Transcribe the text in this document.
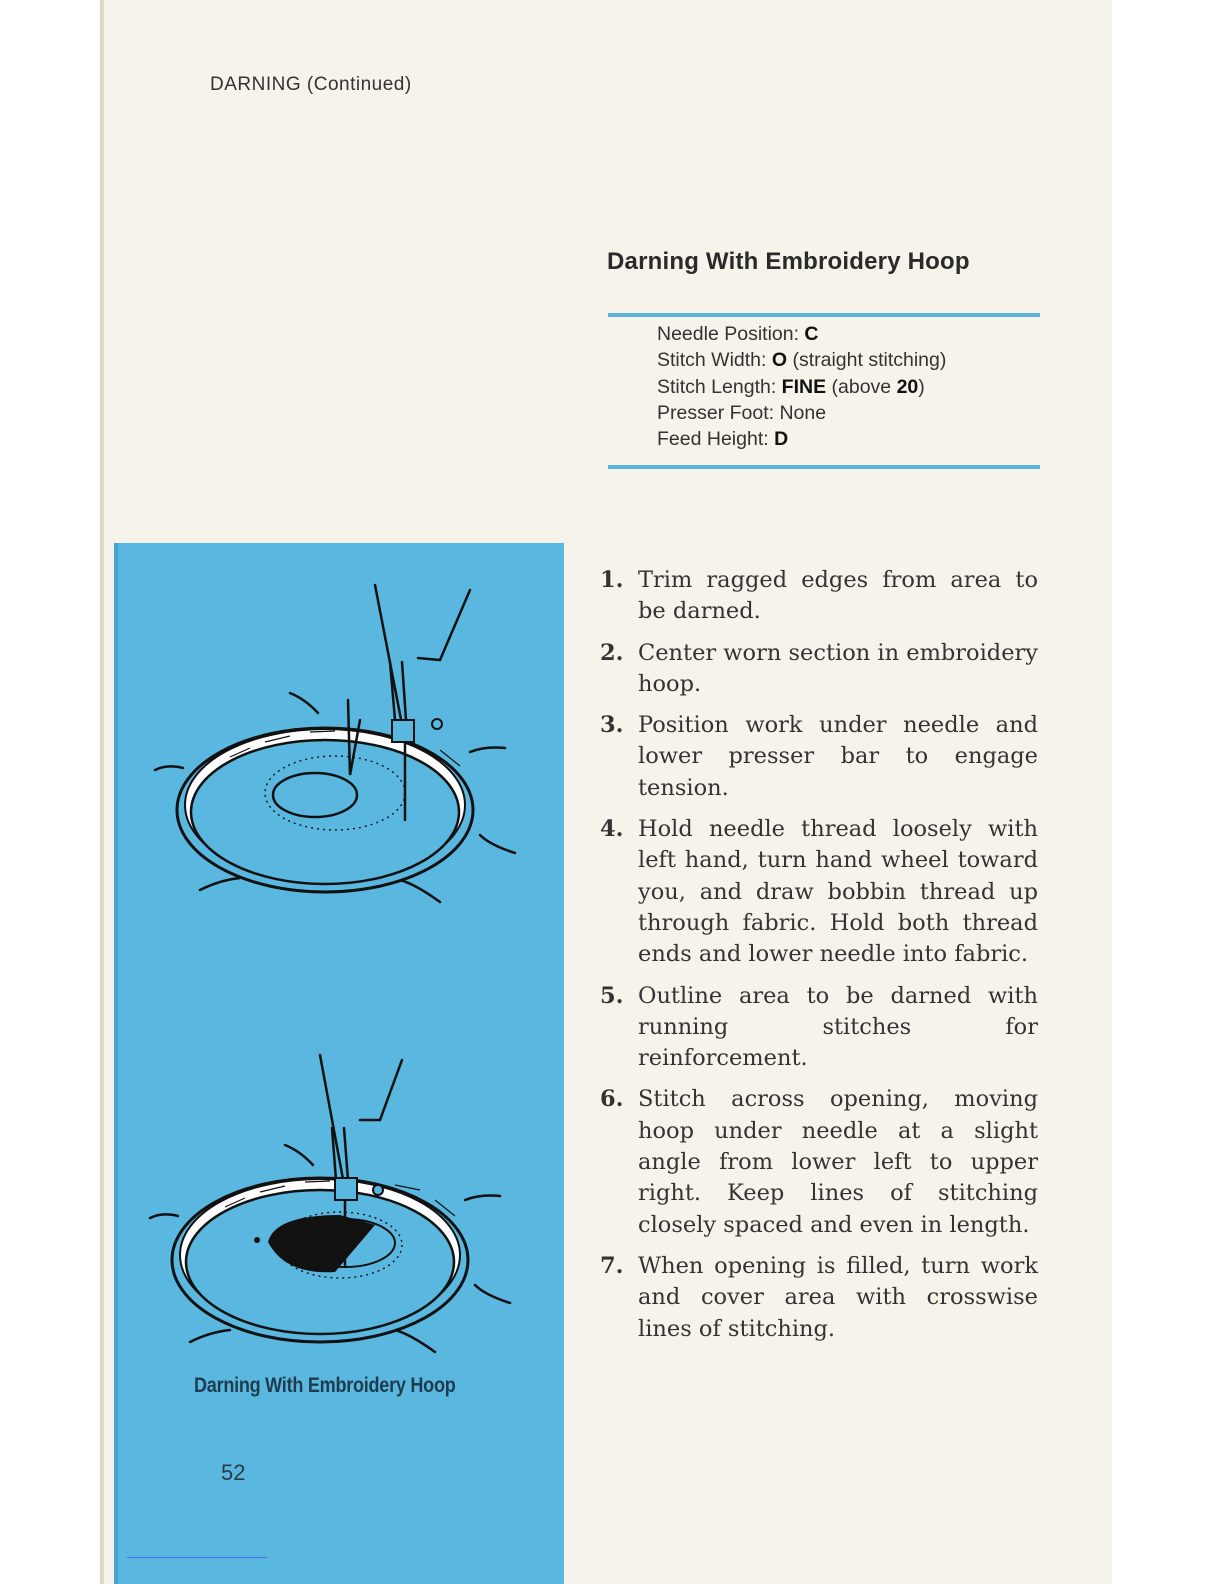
DARNING (Continued)
Darning With Embroidery Hoop
Needle Position: C
Stitch Width: O (straight stitching)
Stitch Length: FINE (above 20)
Presser Foot: None
Feed Height: D
1. Trim ragged edges from area to be darned.
2. Center worn section in embroidery hoop.
3. Position work under needle and lower presser bar to engage tension.
4. Hold needle thread loosely with left hand, turn hand wheel toward you, and draw bobbin thread up through fabric. Hold both thread ends and lower needle into fabric.
5. Outline area to be darned with running stitches for reinforcement.
6. Stitch across opening, moving hoop under needle at a slight angle from lower left to upper right. Keep lines of stitching closely spaced and even in length.
7. When opening is filled, turn work and cover area with crosswise lines of stitching.
Darning With Embroidery Hoop
52
